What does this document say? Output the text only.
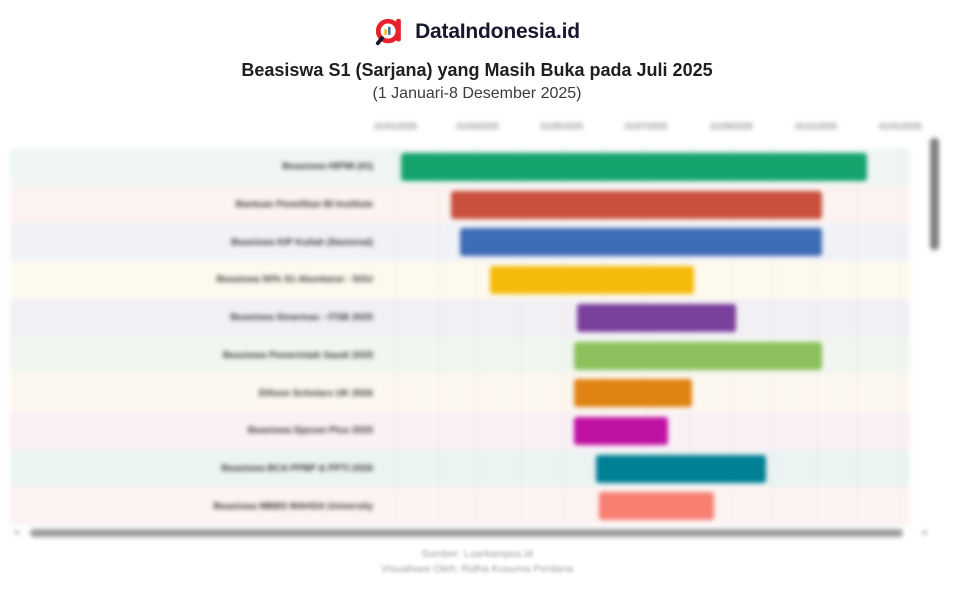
DataIndonesia.id
Beasiswa S1 (Sarjana) yang Masih Buka pada Juli 2025
(1 Januari-8 Desember 2025)
01/01/2025	01/03/2025	01/05/2025	01/07/2025	01/09/2025	01/11/2025	01/01/2026
Beasiswa HIPMI (KI)
Bantuan Penelitian BI Institute
Beasiswa KIP Kuliah (Nasional)
Beasiswa 50% S1 Akuntansi - SGU
Beasiswa Sinarmas - ITSB 2025
Beasiswa Pemerintah Saudi 2025
Ellison Scholars UK 2026
Beasiswa Djarum Plus 2025
Beasiswa BCA PPBP & PPTI 2026
Beasiswa MBBS MAHSA University
◂	▸
Sumber: Luarkampus.id
Visualisasi Oleh: Ridha Kusuma Perdana
